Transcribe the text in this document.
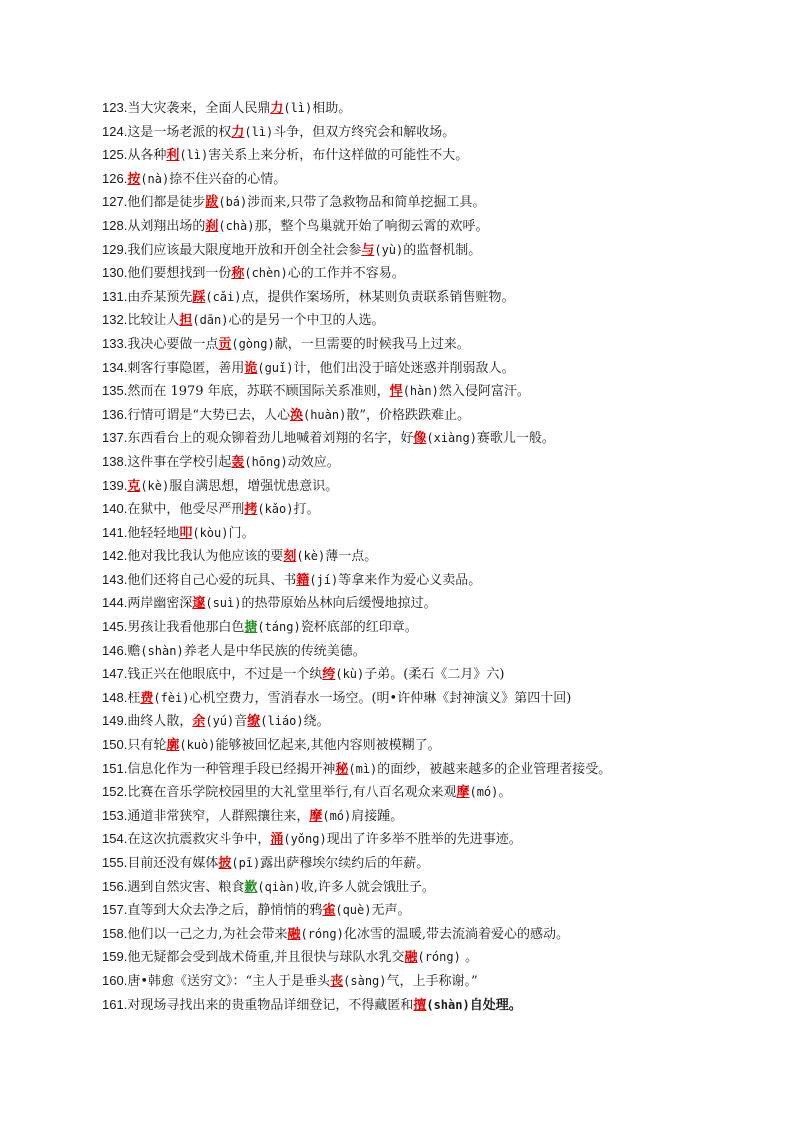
123.当大灾袭来，全面人民鼎力(lì)相助。
124.这是一场老派的权力(lì)斗争，但双方终究会和解收场。
125.从各种利(lì)害关系上来分析，布什这样做的可能性不大。
126.按(nà)捺不住兴奋的心情。
127.他们都是徒步跋(bá)涉而来,只带了急救物品和简单挖掘工具。
128.从刘翔出场的刹(chà)那，整个鸟巢就开始了响彻云霄的欢呼。
129.我们应该最大限度地开放和开创全社会参与(yù)的监督机制。
130.他们要想找到一份称(chèn)心的工作并不容易。
131.由乔某预先踩(cǎi)点，提供作案场所，林某则负责联系销售赃物。
132.比较让人担(dān)心的是另一个中卫的人选。
133.我决心要做一点贡(gòng)献，一旦需要的时候我马上过来。
134.刺客行事隐匿，善用诡(guǐ)计，他们出没于暗处迷惑并削弱敌人。
135.然而在 1979 年底，苏联不顾国际关系准则，悍(hàn)然入侵阿富汗。
136.行情可谓是“大势已去，人心涣(huàn)散”，价格跌跌难止。
137.东西看台上的观众铆着劲儿地喊着刘翔的名字，好像(xiàng)赛歌儿一般。
138.这件事在学校引起轰(hōng)动效应。
139.克(kè)服自满思想，增强忧患意识。
140.在狱中，他受尽严刑拷(kǎo)打。
141.他轻轻地叩(kòu)门。
142.他对我比我认为他应该的要刻(kè)薄一点。
143.他们还将自己心爱的玩具、书籍(jí)等拿来作为爱心义卖品。
144.两岸幽密深邃(suì)的热带原始丛林向后缓慢地掠过。
145.男孩让我看他那白色搪(táng)瓷杯底部的红印章。
146.赡(shàn)养老人是中华民族的传统美德。
147.钱正兴在他眼底中，不过是一个纨绔(kù)子弟。(柔石《二月》六)
148.枉费(fèi)心机空费力，雪消春水一场空。(明•许仲琳《封神演义》第四十回)
149.曲终人散，余(yú)音缭(liáo)绕。
150.只有轮廓(kuò)能够被回忆起来,其他内容则被模糊了。
151.信息化作为一种管理手段已经揭开神秘(mì)的面纱，被越来越多的企业管理者接受。
152.比赛在音乐学院校园里的大礼堂里举行,有八百名观众来观摩(mó)。
153.通道非常狭窄，人群熙攘往来，摩(mó)肩接踵。
154.在这次抗震救灾斗争中，涌(yǒng)现出了许多举不胜举的先进事迹。
155.目前还没有媒体披(pī)露出萨穆埃尔续约后的年薪。
156.遇到自然灾害、粮食歉(qiàn)收,许多人就会饿肚子。
157.直等到大众去净之后，静悄悄的鸦雀(què)无声。
158.他们以一己之力,为社会带来融(róng)化冰雪的温暖,带去流淌着爱心的感动。
159.他无疑都会受到战术倚重,并且很快与球队水乳交融(róng) 。
160.唐•韩愈《送穷文》：“主人于是垂头丧(sàng)气，上手称谢。”
161.对现场寻找出来的贵重物品详细登记，不得藏匿和擅(shàn)自处理。
